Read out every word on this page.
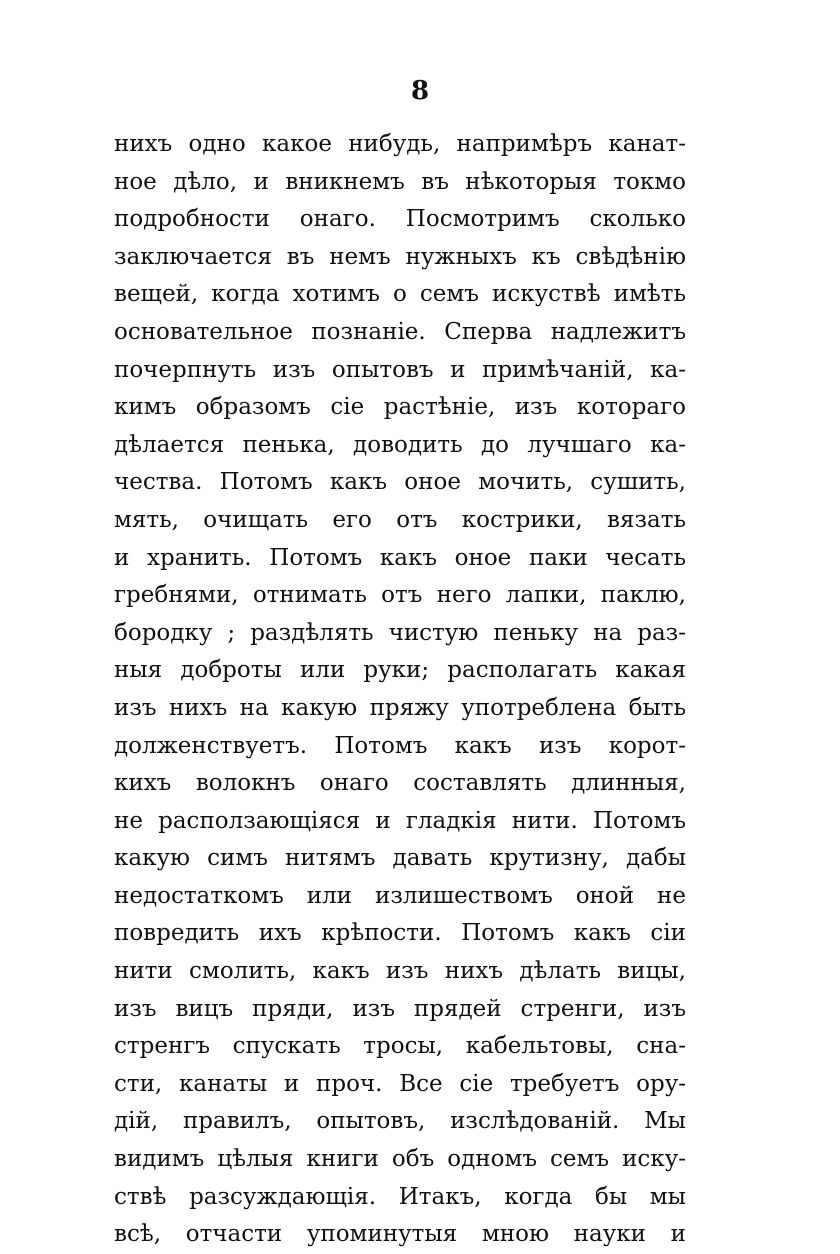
8
нихъ одно какое нибудь, напримѣръ канат-
ное дѣло, и вникнемъ въ нѣкоторыя токмо
подробности онаго. Посмотримъ сколько
заключается въ немъ нужныхъ къ свѣдѣнію
вещей, когда хотимъ о семъ искуствѣ имѣть
основательное познаніе. Сперва надлежитъ
почерпнуть изъ опытовъ и примѣчаній, ка-
кимъ образомъ сіе растѣніе, изъ котораго
дѣлается пенька, доводить до лучшаго ка-
чества. Потомъ какъ оное мочить, сушить,
мять, очищать его отъ кострики, вязать
и хранить. Потомъ какъ оное паки чесать
гребнями, отнимать отъ него лапки, паклю,
бородку ; раздѣлять чистую пеньку на раз-
ныя доброты или руки; располагать какая
изъ нихъ на какую пряжу употреблена быть
долженствуетъ. Потомъ какъ изъ корот-
кихъ волокнъ онаго составлять длинныя,
не расползающіяся и гладкія нити. Потомъ
какую симъ нитямъ давать крутизну, дабы
недостаткомъ или излишествомъ оной не
повредить ихъ крѣпости. Потомъ какъ сіи
нити смолить, какъ изъ нихъ дѣлать вицы,
изъ вицъ пряди, изъ прядей стренги, изъ
стренгъ спускать тросы, кабельтовы, сна-
сти, канаты и проч. Все сіе требуетъ ору-
дій, правилъ, опытовъ, изслѣдованій. Мы
видимъ цѣлыя книги объ одномъ семъ иску-
ствѣ разсуждающія. Итакъ, когда бы мы
всѣ, отчасти упоминутыя мною науки и
